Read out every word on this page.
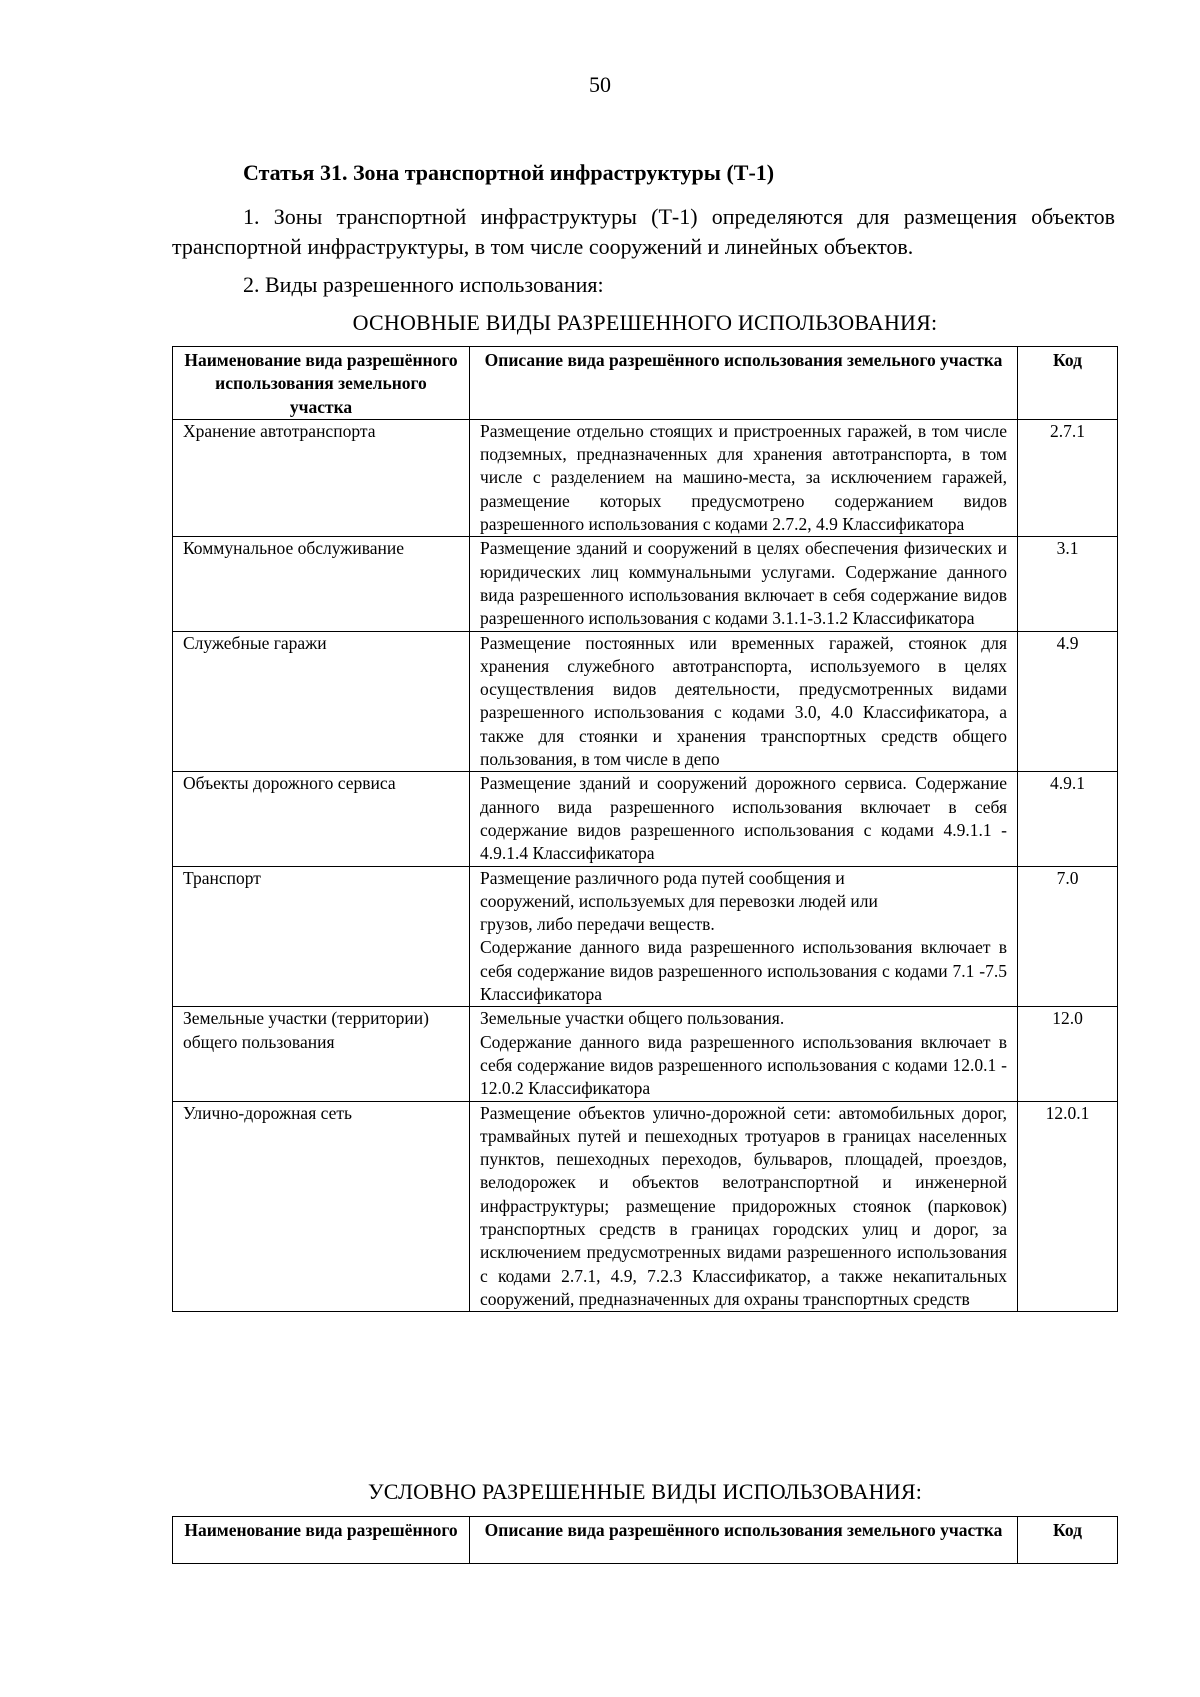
50
Статья 31. Зона транспортной инфраструктуры (Т-1)
1. Зоны транспортной инфраструктуры (Т-1) определяются для размещения объектов транспортной инфраструктуры, в том числе сооружений и линейных объектов.
2. Виды разрешенного использования:
ОСНОВНЫЕ ВИДЫ РАЗРЕШЕННОГО ИСПОЛЬЗОВАНИЯ:
Наименование вида разрешённого использования земельного участка	Описание вида разрешённого использования земельного участка	Код
Хранение автотранспорта	Размещение отдельно стоящих и пристроенных гаражей, в том числе подземных, предназначенных для хранения автотранспорта, в том числе с разделением на машино-места, за исключением гаражей, размещение которых предусмотрено содержанием видов разрешенного использования с кодами 2.7.2, 4.9 Классификатора	2.7.1
Коммунальное обслуживание	Размещение зданий и сооружений в целях обеспечения физических и юридических лиц коммунальными услугами. Содержание данного вида разрешенного использования включает в себя содержание видов разрешенного использования с кодами 3.1.1-3.1.2 Классификатора	3.1
Служебные гаражи	Размещение постоянных или временных гаражей, стоянок для хранения служебного автотранспорта, используемого в целях осуществления видов деятельности, предусмотренных видами разрешенного использования с кодами 3.0, 4.0 Классификатора, а также для стоянки и хранения транспортных средств общего пользования, в том числе в депо	4.9
Объекты дорожного сервиса	Размещение зданий и сооружений дорожного сервиса. Содержание данного вида разрешенного использования включает в себя содержание видов разрешенного использования с кодами 4.9.1.1 - 4.9.1.4 Классификатора	4.9.1
Транспорт	Размещение различного рода путей сообщения и
сооружений, используемых для перевозки людей или
грузов, либо передачи веществ.
Содержание данного вида разрешенного использования включает в себя содержание видов разрешенного использования с кодами 7.1 -7.5 Классификатора	7.0
Земельные участки (территории) общего пользования	Земельные участки общего пользования.
Содержание данного вида разрешенного использования включает в себя содержание видов разрешенного использования с кодами 12.0.1 - 12.0.2 Классификатора	12.0
Улично-дорожная сеть	Размещение объектов улично-дорожной сети: автомобильных дорог, трамвайных путей и пешеходных тротуаров в границах населенных пунктов, пешеходных переходов, бульваров, площадей, проездов, велодорожек и объектов велотранспортной и инженерной инфраструктуры; размещение придорожных стоянок (парковок) транспортных средств в границах городских улиц и дорог, за исключением предусмотренных видами разрешенного использования с кодами 2.7.1, 4.9, 7.2.3 Классификатор, а также некапитальных сооружений, предназначенных для охраны транспортных средств	12.0.1
УСЛОВНО РАЗРЕШЕННЫЕ ВИДЫ ИСПОЛЬЗОВАНИЯ:
Наименование вида разрешённого	Описание вида разрешённого использования земельного участка	Код
